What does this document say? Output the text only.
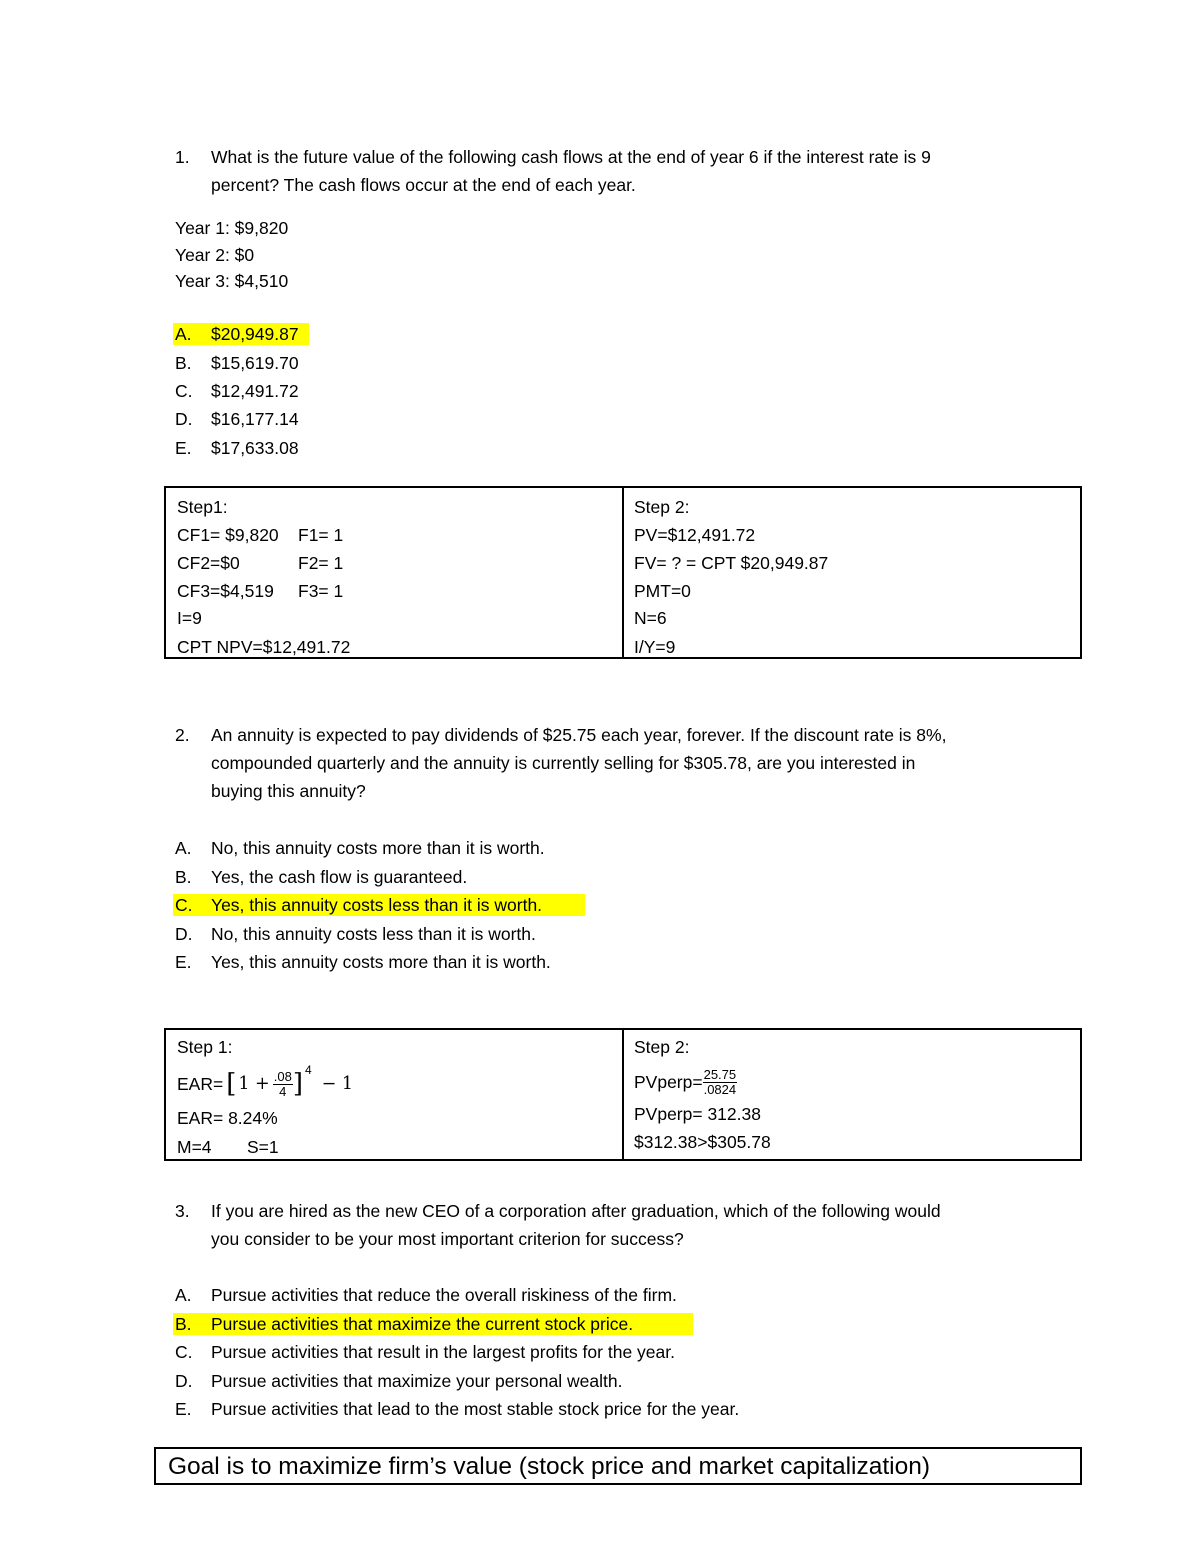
1. What is the future value of the following cash flows at the end of year 6 if the interest rate is 9
percent? The cash flows occur at the end of each year.
Year 1: $9,820
Year 2: $0
Year 3: $4,510
A. $20,949.87
B. $15,619.70
C. $12,491.72
D. $16,177.14
E. $17,633.08
Step1:
CF1= $9,820 F1= 1
CF2=$0	F2= 1
CF3=$4,519 F3= 1
I=9
CPT NPV=$12,491.72
Step 2:
PV=$12,491.72
FV= ? = CPT $20,949.87
PMT=0
N=6
I/Y=9
2. An annuity is expected to pay dividends of $25.75 each year, forever. If the discount rate is 8%,
compounded quarterly and the annuity is currently selling for $305.78, are you interested in
buying this annuity?
A. No, this annuity costs more than it is worth.
B. Yes, the cash flow is guaranteed.
C. Yes, this annuity costs less than it is worth.
D. No, this annuity costs less than it is worth.
E. Yes, this annuity costs more than it is worth.
Step 1:
EAR= [ $1 + \frac{.08}{4}$ ] 4
− 1
EAR= 8.24%
M=4 S=1
Step 2:
PVperp= $\frac{25.75}{.0824}$
PVperp= 312.38
$312.38>$305.78
3. If you are hired as the new CEO of a corporation after graduation, which of the following would
you consider to be your most important criterion for success?
A. Pursue activities that reduce the overall riskiness of the firm.
B. Pursue activities that maximize the current stock price.
C. Pursue activities that result in the largest profits for the year.
D. Pursue activities that maximize your personal wealth.
E. Pursue activities that lead to the most stable stock price for the year.
Goal is to maximize firm’s value (stock price and market capitalization)
